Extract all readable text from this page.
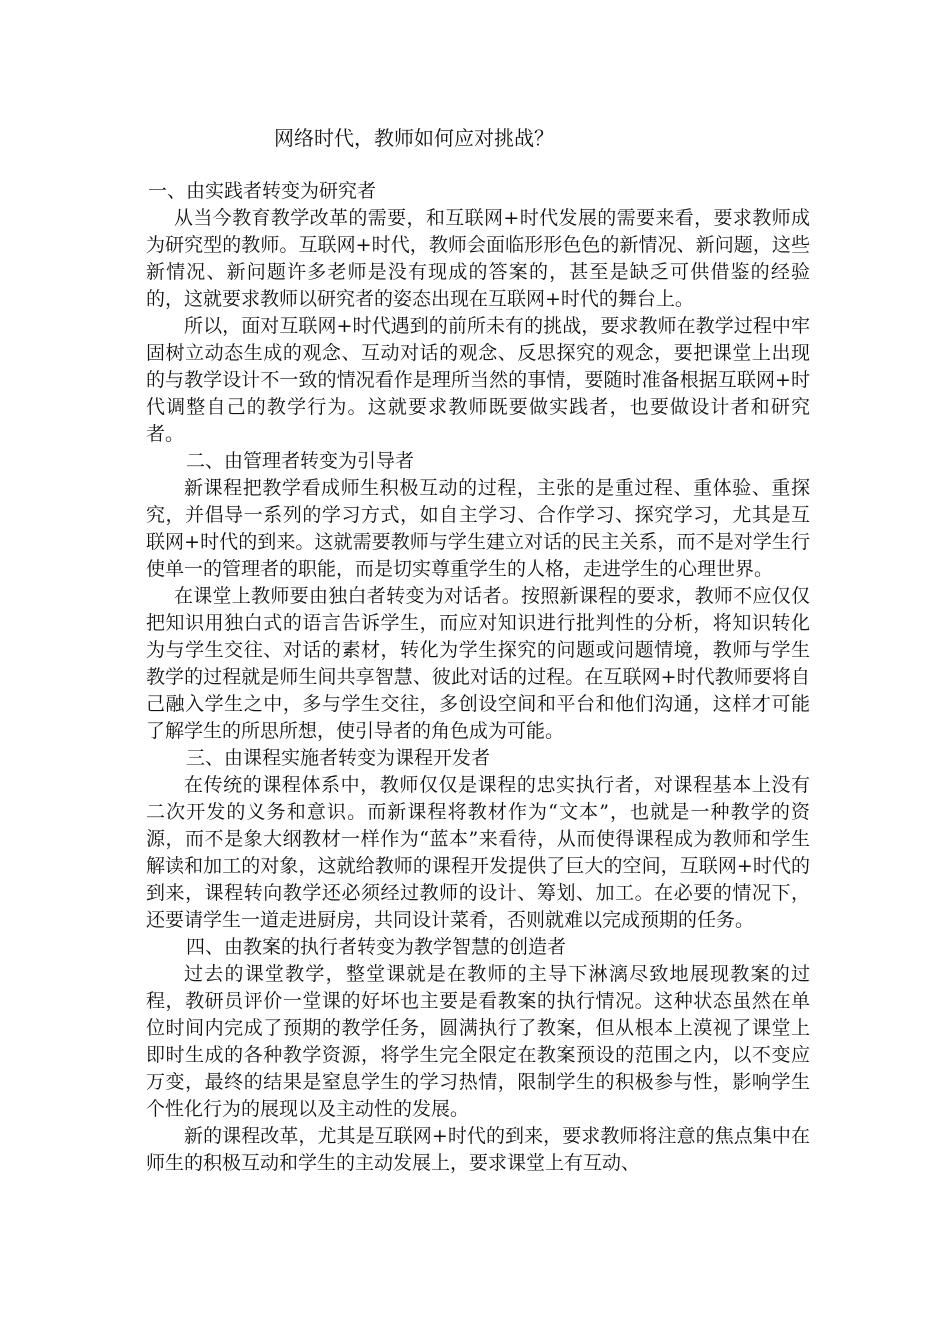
网络时代，教师如何应对挑战？
一、由实践者转变为研究者

从当今教育教学改革的需要，和互联网+时代发展的需要来看，要求教师成为研究型的教师。互联网+时代，教师会面临形形色色的新情况、新问题，这些新情况、新问题许多老师是没有现成的答案的，甚至是缺乏可供借鉴的经验的，这就要求教师以研究者的姿态出现在互联网+时代的舞台上。

所以，面对互联网+时代遇到的前所未有的挑战，要求教师在教学过程中牢固树立动态生成的观念、互动对话的观念、反思探究的观念，要把课堂上出现的与教学设计不一致的情况看作是理所当然的事情，要随时准备根据互联网+时代调整自己的教学行为。这就要求教师既要做实践者，也要做设计者和研究者。

二、由管理者转变为引导者

新课程把教学看成师生积极互动的过程，主张的是重过程、重体验、重探究，并倡导一系列的学习方式，如自主学习、合作学习、探究学习，尤其是互联网+时代的到来。这就需要教师与学生建立对话的民主关系，而不是对学生行使单一的管理者的职能，而是切实尊重学生的人格，走进学生的心理世界。

在课堂上教师要由独白者转变为对话者。按照新课程的要求，教师不应仅仅把知识用独白式的语言告诉学生，而应对知识进行批判性的分析，将知识转化为与学生交往、对话的素材，转化为学生探究的问题或问题情境，教师与学生教学的过程就是师生间共享智慧、彼此对话的过程。在互联网+时代教师要将自己融入学生之中，多与学生交往，多创设空间和平台和他们沟通，这样才可能了解学生的所思所想，使引导者的角色成为可能。

三、由课程实施者转变为课程开发者

在传统的课程体系中，教师仅仅是课程的忠实执行者，对课程基本上没有二次开发的义务和意识。而新课程将教材作为“文本”，也就是一种教学的资源，而不是象大纲教材一样作为“蓝本”来看待，从而使得课程成为教师和学生解读和加工的对象，这就给教师的课程开发提供了巨大的空间，互联网+时代的到来，课程转向教学还必须经过教师的设计、筹划、加工。在必要的情况下，还要请学生一道走进厨房，共同设计菜肴，否则就难以完成预期的任务。

四、由教案的执行者转变为教学智慧的创造者

过去的课堂教学，整堂课就是在教师的主导下淋漓尽致地展现教案的过程，教研员评价一堂课的好坏也主要是看教案的执行情况。这种状态虽然在单位时间内完成了预期的教学任务，圆满执行了教案，但从根本上漠视了课堂上即时生成的各种教学资源，将学生完全限定在教案预设的范围之内，以不变应万变，最终的结果是窒息学生的学习热情，限制学生的积极参与性，影响学生个性化行为的展现以及主动性的发展。

新的课程改革，尤其是互联网+时代的到来，要求教师将注意的焦点集中在师生的积极互动和学生的主动发展上，要求课堂上有互动、
